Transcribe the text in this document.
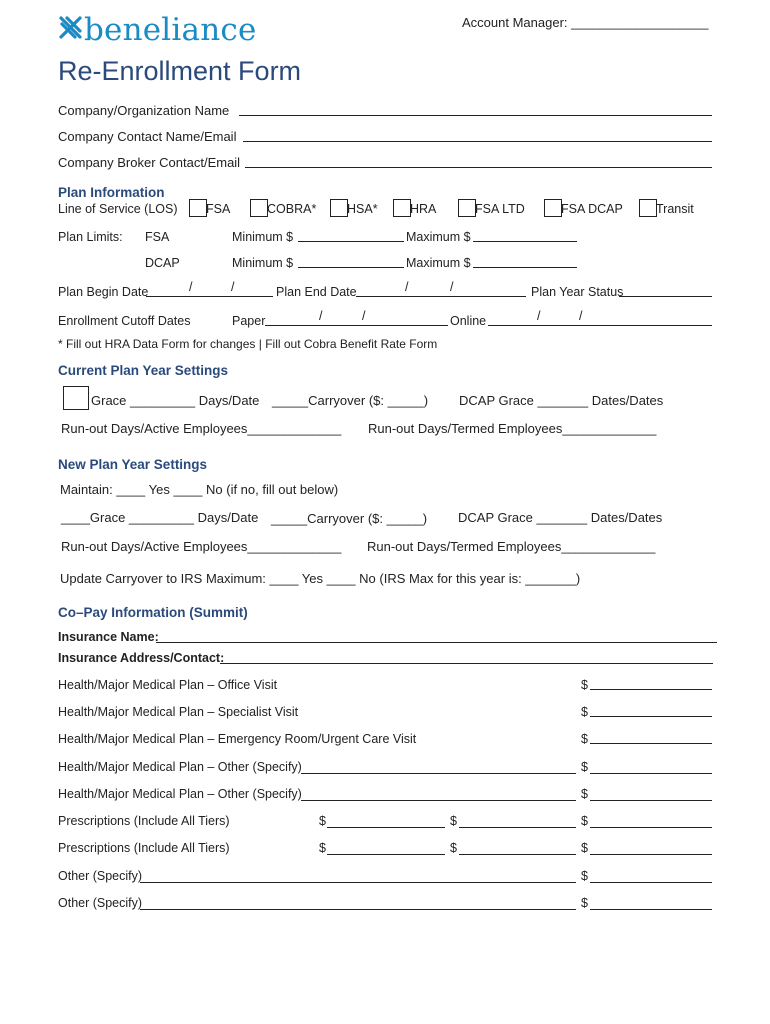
beneliance	Account Manager: ___________________
Re-Enrollment Form
Company/Organization Name
Company Contact Name/Email
Company Broker Contact/Email
Plan Information
Line of Service (LOS) FSA	COBRA* HSA*	HRA	FSA LTD	FSA DCAP	Transit
Plan Limits: FSA	Minimum $	Maximum $
DCAP	Minimum $	Maximum $
Plan Begin Date	/	/	Plan End Date	/	/	Plan Year Status
Enrollment Cutoff Dates	Paper	/	/	Online	/	/
* Fill out HRA Data Form for changes | Fill out Cobra Benefit Rate Form
Current Plan Year Settings
Grace _________ Days/Date _____Carryover ($: _____) DCAP Grace _______ Dates/Dates
Run-out Days/Active Employees_____________ Run-out Days/Termed Employees_____________
New Plan Year Settings
Maintain: ____ Yes ____ No (if no, fill out below)
____Grace _________ Days/Date _____Carryover ($: _____) DCAP Grace _______ Dates/Dates
Run-out Days/Active Employees_____________ Run-out Days/Termed Employees_____________
Update Carryover to IRS Maximum: ____ Yes ____ No (IRS Max for this year is: _______)
Co–Pay Information (Summit)
Insurance Name:
Insurance Address/Contact:
Health/Major Medical Plan – Office Visit	$
Health/Major Medical Plan – Specialist Visit	$
Health/Major Medical Plan – Emergency Room/Urgent Care Visit	$
Health/Major Medical Plan – Other (Specify)	$
Health/Major Medical Plan – Other (Specify)	$
Prescriptions (Include All Tiers)	$	$	$
Prescriptions (Include All Tiers)	$	$	$
Other (Specify)	$
Other (Specify)	$
